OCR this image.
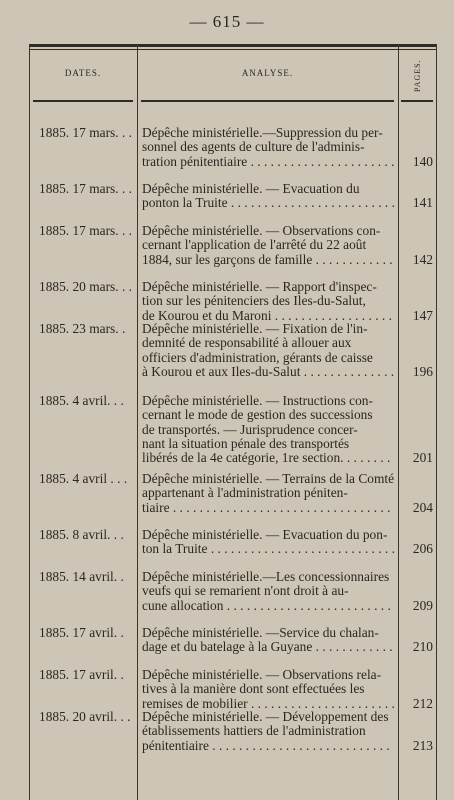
— 615 —
DATES.	ANALYSE.	PAGES.
1885. 17 mars. . . Dépêche ministérielle.—Suppression du per-
sonnel des agents de culture de l'adminis-
tration pénitentiaire . . .	140
1885. 17 mars. . . Dépêche ministérielle. — Evacuation du
ponton la Truite . . .	141
1885. 17 mars. . . Dépêche ministérielle. — Observations con-
cernant l'application de l'arrêté du 22 août
1884, sur les garçons de famille . . .	142
1885. 20 mars. . . Dépêche ministérielle. — Rapport d'inspec-
tion sur les pénitenciers des Iles-du-Salut,
de Kourou et du Maroni . . .	147
1885. 23 mars. . Dépêche ministérielle. — Fixation de l'in-
demnité de responsabilité à allouer aux
officiers d'administration, gérants de caisse
à Kourou et aux Iles-du-Salut . . .	196
1885. 4 avril. . . Dépêche ministérielle. — Instructions con-
cernant le mode de gestion des successions
de transportés. — Jurisprudence concer-
nant la situation pénale des transportés
libérés de la 4e catégorie, 1re section. . . . .	201
1885. 4 avril . . . Dépêche ministérielle. — Terrains de la Comté
appartenant à l'administration péniten-
tiaire . . .	204
1885. 8 avril. . . Dépêche ministérielle. — Evacuation du pon-
ton la Truite . . .	206
1885. 14 avril. . Dépêche ministérielle.—Les concessionnaires
veufs qui se remarient n'ont droit à au-
cune allocation . . .	209
1885. 17 avril. . Dépêche ministérielle. —Service du chalan-
dage et du batelage à la Guyane . . .	210
1885. 17 avril. . Dépêche ministérielle. — Observations rela-
tives à la manière dont sont effectuées les
remises de mobilier . . .	212
1885. 20 avril. . . Dépêche ministérielle. — Développement des
établissements hattiers de l'administration
pénitentiaire . . .	213
